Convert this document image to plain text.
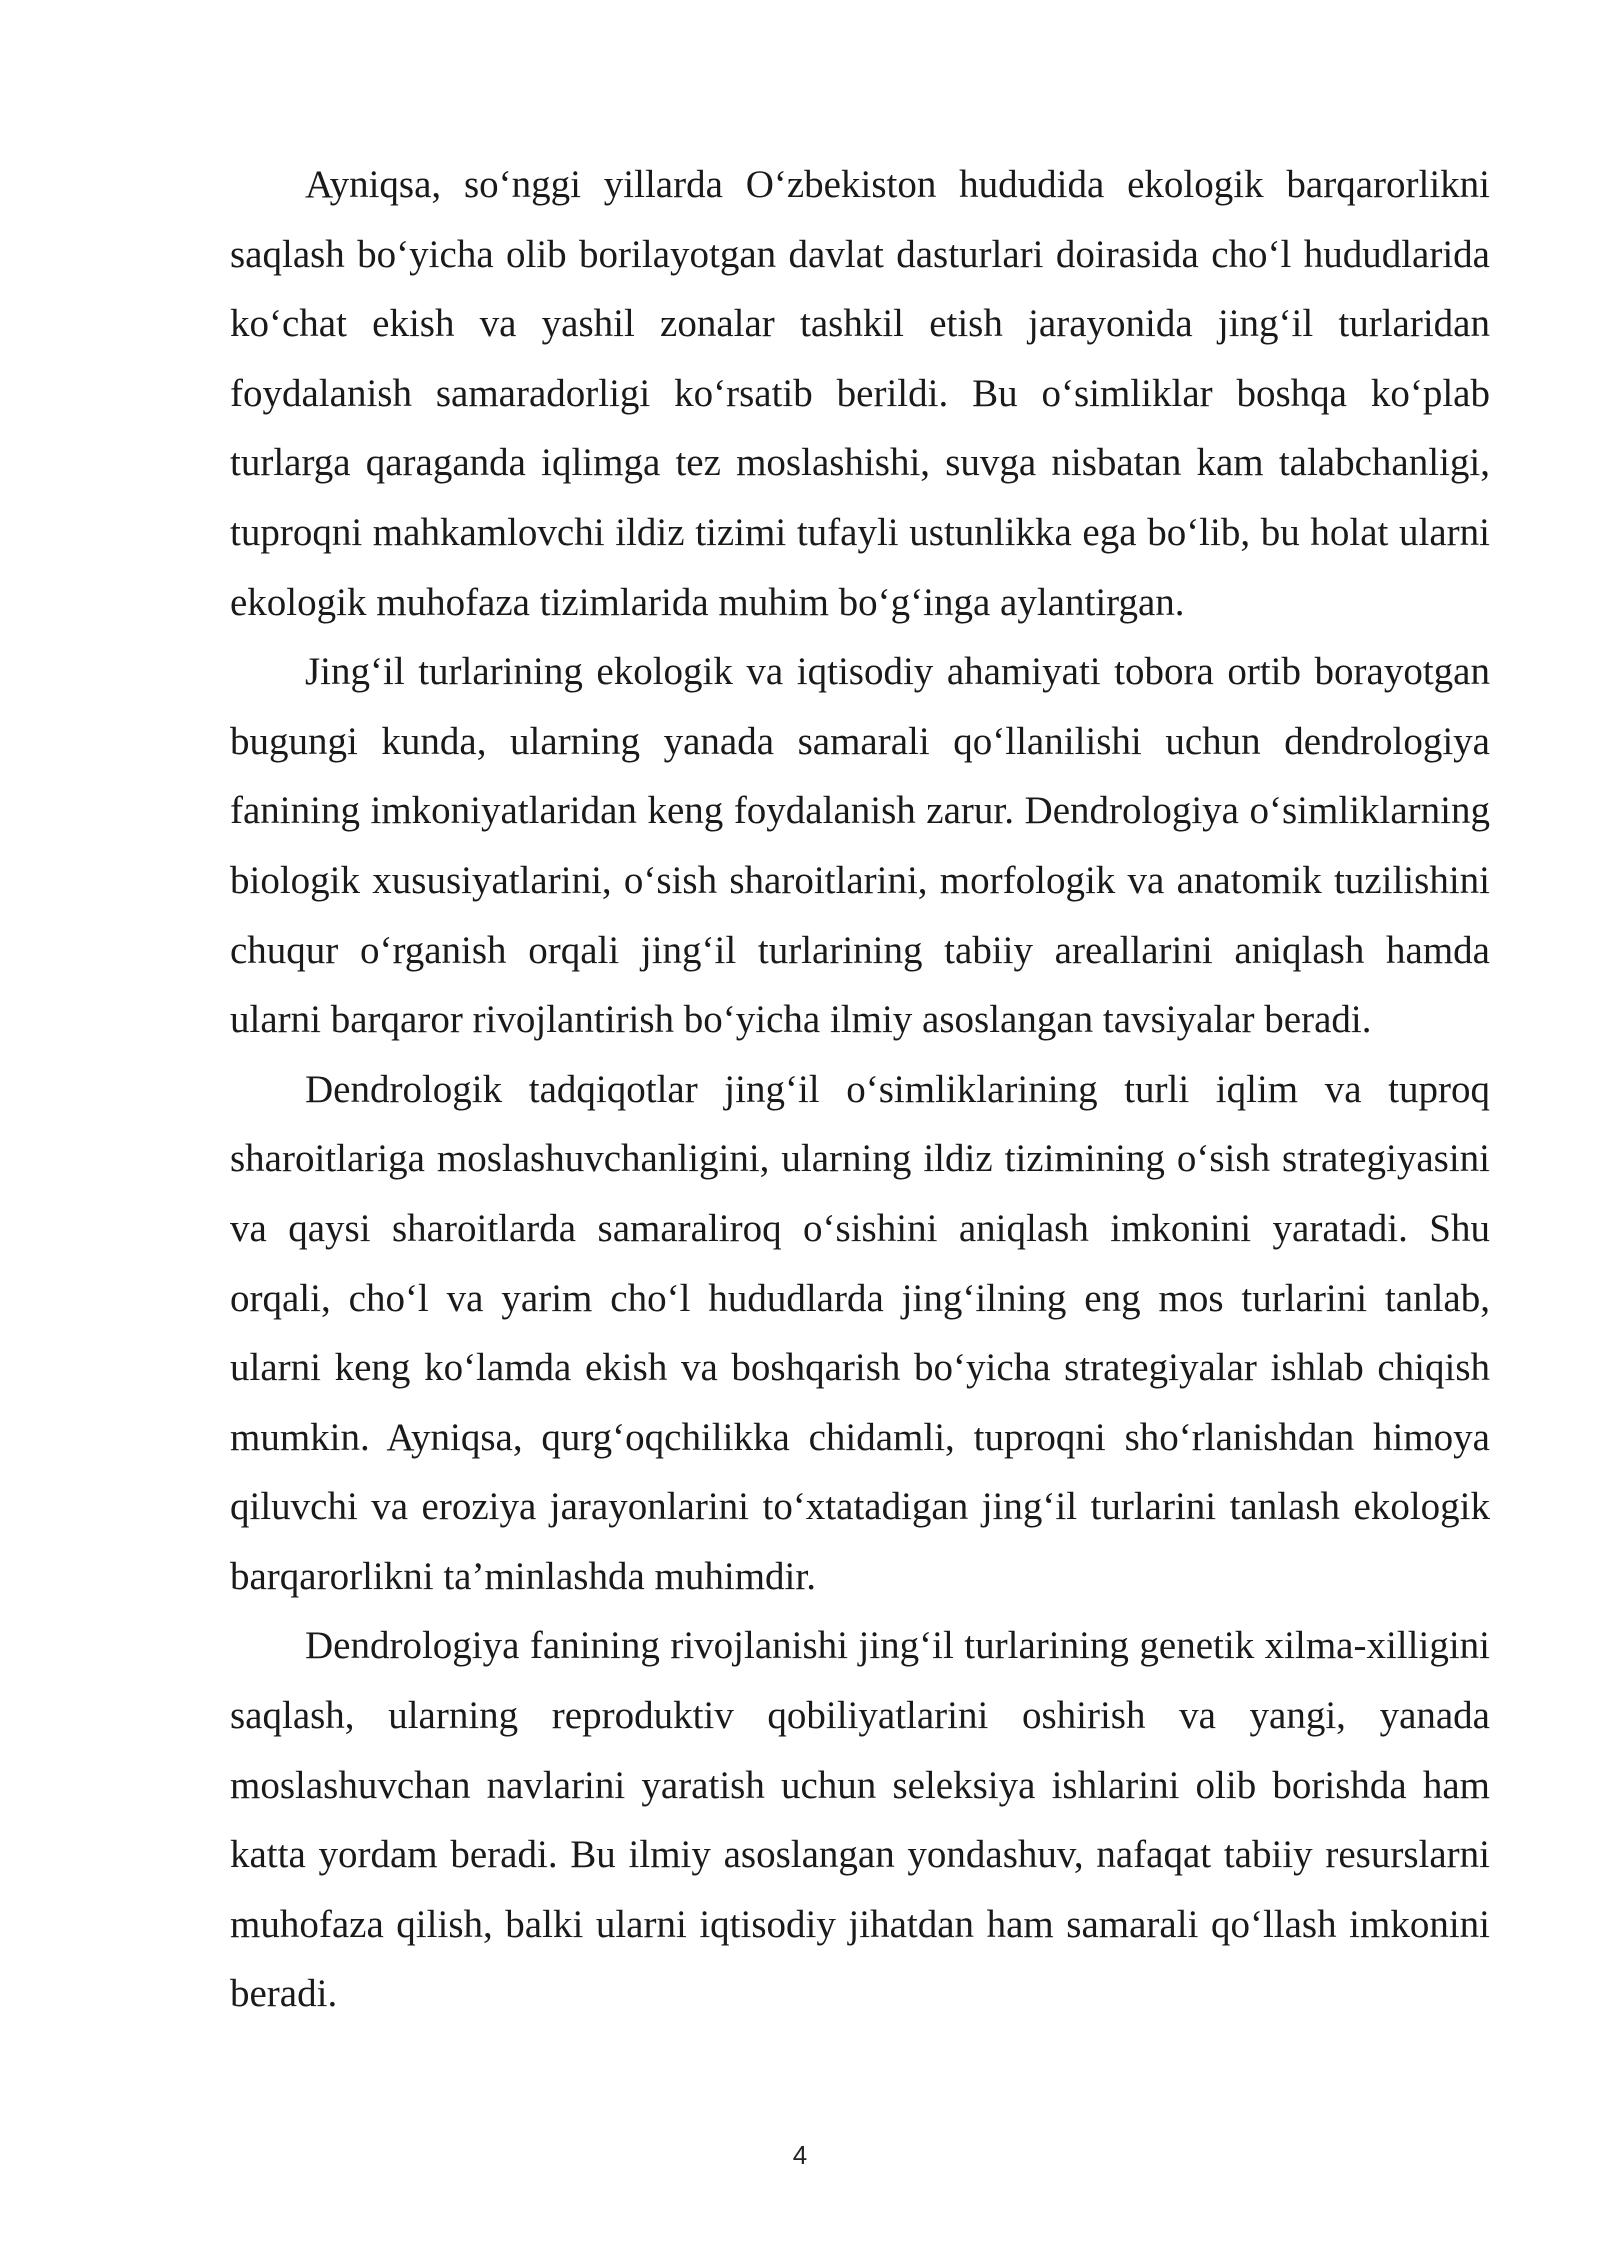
Ayniqsa, so‘nggi yillarda O‘zbekiston hududida ekologik barqarorlikni saqlash bo‘yicha olib borilayotgan davlat dasturlari doirasida cho‘l hududlarida ko‘chat ekish va yashil zonalar tashkil etish jarayonida jing‘il turlaridan foydalanish samaradorligi ko‘rsatib berildi. Bu o‘simliklar boshqa ko‘plab turlarga qaraganda iqlimga tez moslashishi, suvga nisbatan kam talabchanligi, tuproqni mahkamlovchi ildiz tizimi tufayli ustunlikka ega bo‘lib, bu holat ularni ekologik muhofaza tizimlarida muhim bo‘g‘inga aylantirgan.

Jing‘il turlarining ekologik va iqtisodiy ahamiyati tobora ortib borayotgan bugungi kunda, ularning yanada samarali qo‘llanilishi uchun dendrologiya fanining imkoniyatlaridan keng foydalanish zarur. Dendrologiya o‘simliklarning biologik xususiyatlarini, o‘sish sharoitlarini, morfologik va anatomik tuzilishini chuqur o‘rganish orqali jing‘il turlarining tabiiy areallarini aniqlash hamda ularni barqaror rivojlantirish bo‘yicha ilmiy asoslangan tavsiyalar beradi.

Dendrologik tadqiqotlar jing‘il o‘simliklarining turli iqlim va tuproq sharoitlariga moslashuvchanligini, ularning ildiz tizimining o‘sish strategiyasini va qaysi sharoitlarda samaraliroq o‘sishini aniqlash imkonini yaratadi. Shu orqali, cho‘l va yarim cho‘l hududlarda jing‘ilning eng mos turlarini tanlab, ularni keng ko‘lamda ekish va boshqarish bo‘yicha strategiyalar ishlab chiqish mumkin. Ayniqsa, qurg‘oqchilikka chidamli, tuproqni sho‘rlanishdan himoya qiluvchi va eroziya jarayonlarini to‘xtatadigan jing‘il turlarini tanlash ekologik barqarorlikni ta’minlashda muhimdir.

Dendrologiya fanining rivojlanishi jing‘il turlarining genetik xilma-xilligini saqlash, ularning reproduktiv qobiliyatlarini oshirish va yangi, yanada moslashuvchan navlarini yaratish uchun seleksiya ishlarini olib borishda ham katta yordam beradi. Bu ilmiy asoslangan yondashuv, nafaqat tabiiy resurslarni muhofaza qilish, balki ularni iqtisodiy jihatdan ham samarali qo‘llash imkonini beradi.

4
